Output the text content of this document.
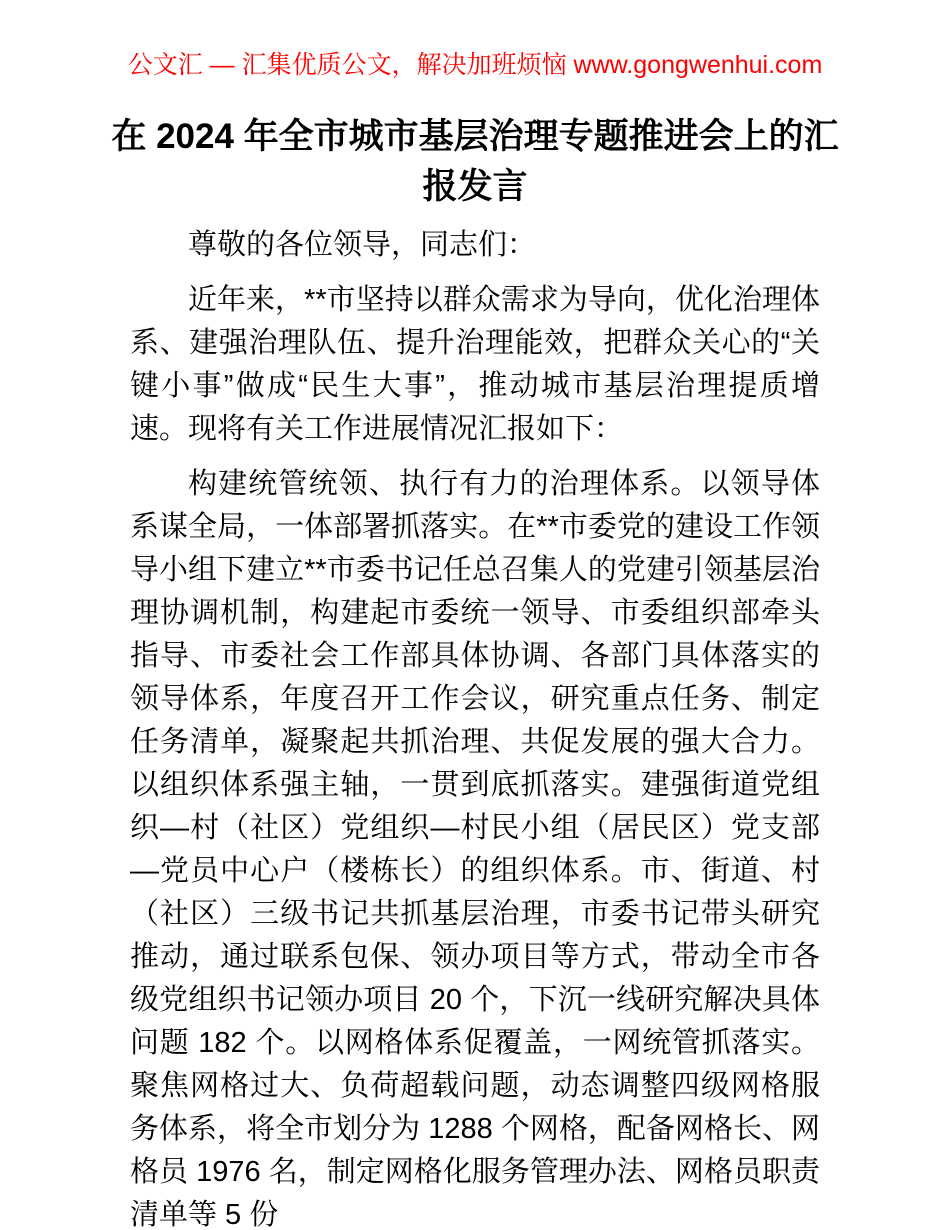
公文汇 — 汇集优质公文，解决加班烦恼 www.gongwenhui.com
在 2024 年全市城市基层治理专题推进会上的汇报发言

尊敬的各位领导，同志们：

近年来，**市坚持以群众需求为导向，优化治理体系、建强治理队伍、提升治理能效，把群众关心的“关键小事”做成“民生大事”，推动城市基层治理提质增速。现将有关工作进展情况汇报如下：

构建统管统领、执行有力的治理体系。以领导体系谋全局，一体部署抓落实。在**市委党的建设工作领导小组下建立**市委书记任总召集人的党建引领基层治理协调机制，构建起市委统一领导、市委组织部牵头指导、市委社会工作部具体协调、各部门具体落实的领导体系，年度召开工作会议，研究重点任务、制定任务清单，凝聚起共抓治理、共促发展的强大合力。以组织体系强主轴，一贯到底抓落实。建强街道党组织—村（社区）党组织—村民小组（居民区）党支部—党员中心户（楼栋长）的组织体系。市、街道、村（社区）三级书记共抓基层治理，市委书记带头研究推动，通过联系包保、领办项目等方式，带动全市各级党组织书记领办项目 20 个，下沉一线研究解决具体问题 182 个。以网格体系促覆盖，一网统管抓落实。聚焦网格过大、负荷超载问题，动态调整四级网格服务体系，将全市划分为 1288 个网格，配备网格长、网格员 1976 名，制定网格化服务管理办法、网格员职责清单等 5 份
